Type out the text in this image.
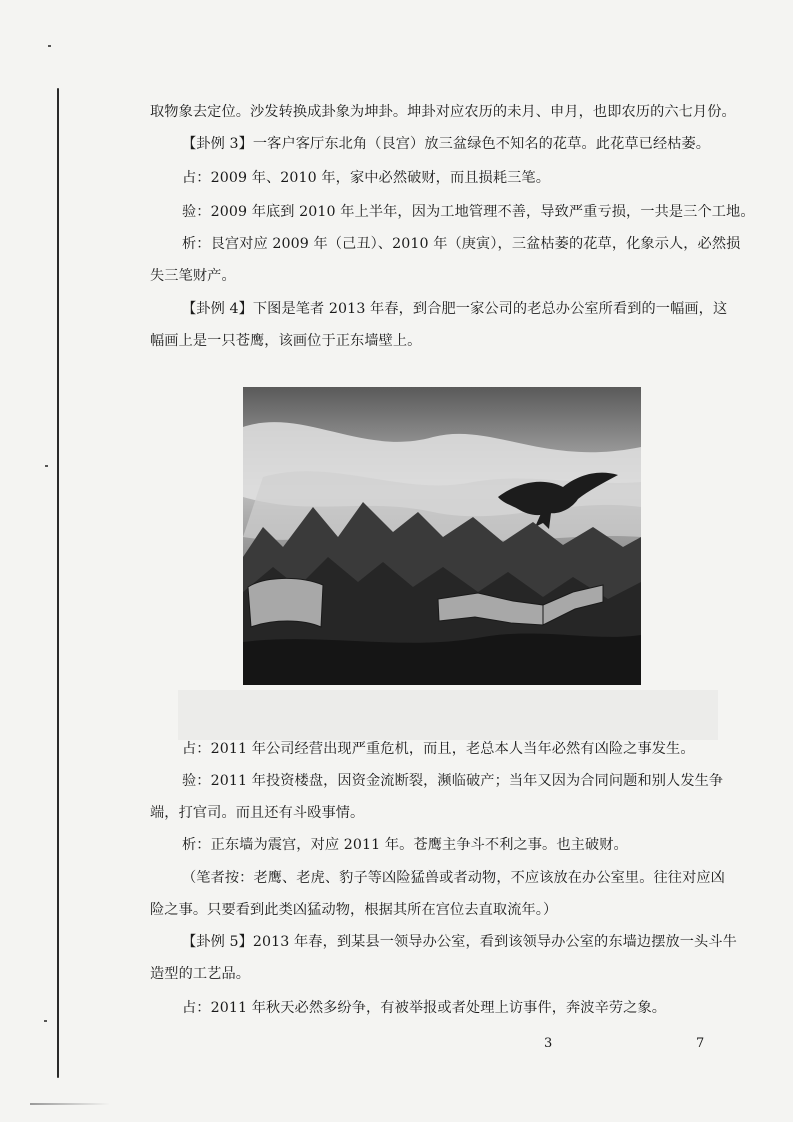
取物象去定位。沙发转换成卦象为坤卦。坤卦对应农历的未月、申月，也即农历的六七月份。

【卦例 3】一客户客厅东北角（艮宫）放三盆绿色不知名的花草。此花草已经枯萎。

占：2009 年、2010 年，家中必然破财，而且损耗三笔。

验：2009 年底到 2010 年上半年，因为工地管理不善，导致严重亏损，一共是三个工地。

析：艮宫对应 2009 年（己丑）、2010 年（庚寅），三盆枯萎的花草，化象示人，必然损

失三笔财产。

【卦例 4】下图是笔者 2013 年春，到合肥一家公司的老总办公室所看到的一幅画，这

幅画上是一只苍鹰，该画位于正东墙壁上。

占：2011 年公司经营出现严重危机，而且，老总本人当年必然有凶险之事发生。

验：2011 年投资楼盘，因资金流断裂，濒临破产；当年又因为合同问题和别人发生争

端，打官司。而且还有斗殴事情。

析：正东墙为震宫，对应 2011 年。苍鹰主争斗不利之事。也主破财。

（笔者按：老鹰、老虎、豹子等凶险猛兽或者动物，不应该放在办公室里。往往对应凶

险之事。只要看到此类凶猛动物，根据其所在宫位去直取流年。）

【卦例 5】2013 年春，到某县一领导办公室，看到该领导办公室的东墙边摆放一头斗牛

造型的工艺品。

占：2011 年秋天必然多纷争，有被举报或者处理上访事件，奔波辛劳之象。

3	7
